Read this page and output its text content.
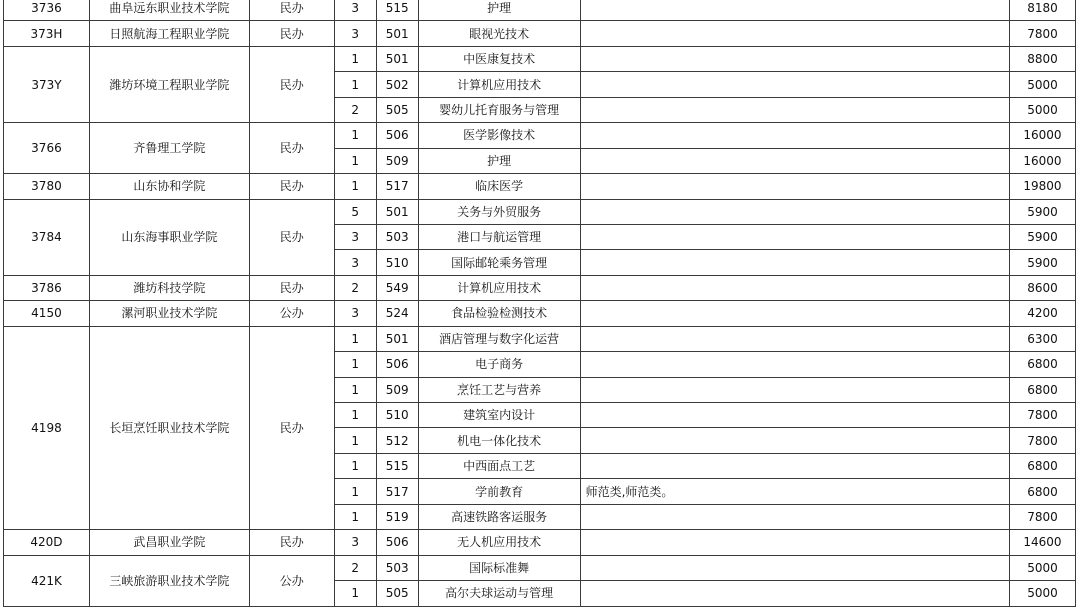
3736	曲阜远东职业技术学院	民办	3	515	护理		8180
373H	日照航海工程职业学院	民办	3	501	眼视光技术		7800
373Y	潍坊环境工程职业学院	民办	1	501	中医康复技术		8800
			1	502	计算机应用技术		5000
			2	505	婴幼儿托育服务与管理		5000
3766	齐鲁理工学院	民办	1	506	医学影像技术		16000
			1	509	护理		16000
3780	山东协和学院	民办	1	517	临床医学		19800
3784	山东海事职业学院	民办	5	501	关务与外贸服务		5900
			3	503	港口与航运管理		5900
			3	510	国际邮轮乘务管理		5900
3786	潍坊科技学院	民办	2	549	计算机应用技术		8600
4150	漯河职业技术学院	公办	3	524	食品检验检测技术		4200
4198	长垣烹饪职业技术学院	民办	1	501	酒店管理与数字化运营		6300
			1	506	电子商务		6800
			1	509	烹饪工艺与营养		6800
			1	510	建筑室内设计		7800
			1	512	机电一体化技术		7800
			1	515	中西面点工艺		6800
			1	517	学前教育	师范类,师范类。	6800
			1	519	高速铁路客运服务		7800
420D	武昌职业学院	民办	3	506	无人机应用技术		14600
421K	三峡旅游职业技术学院	公办	2	503	国际标准舞		5000
			1	505	高尔夫球运动与管理		5000
